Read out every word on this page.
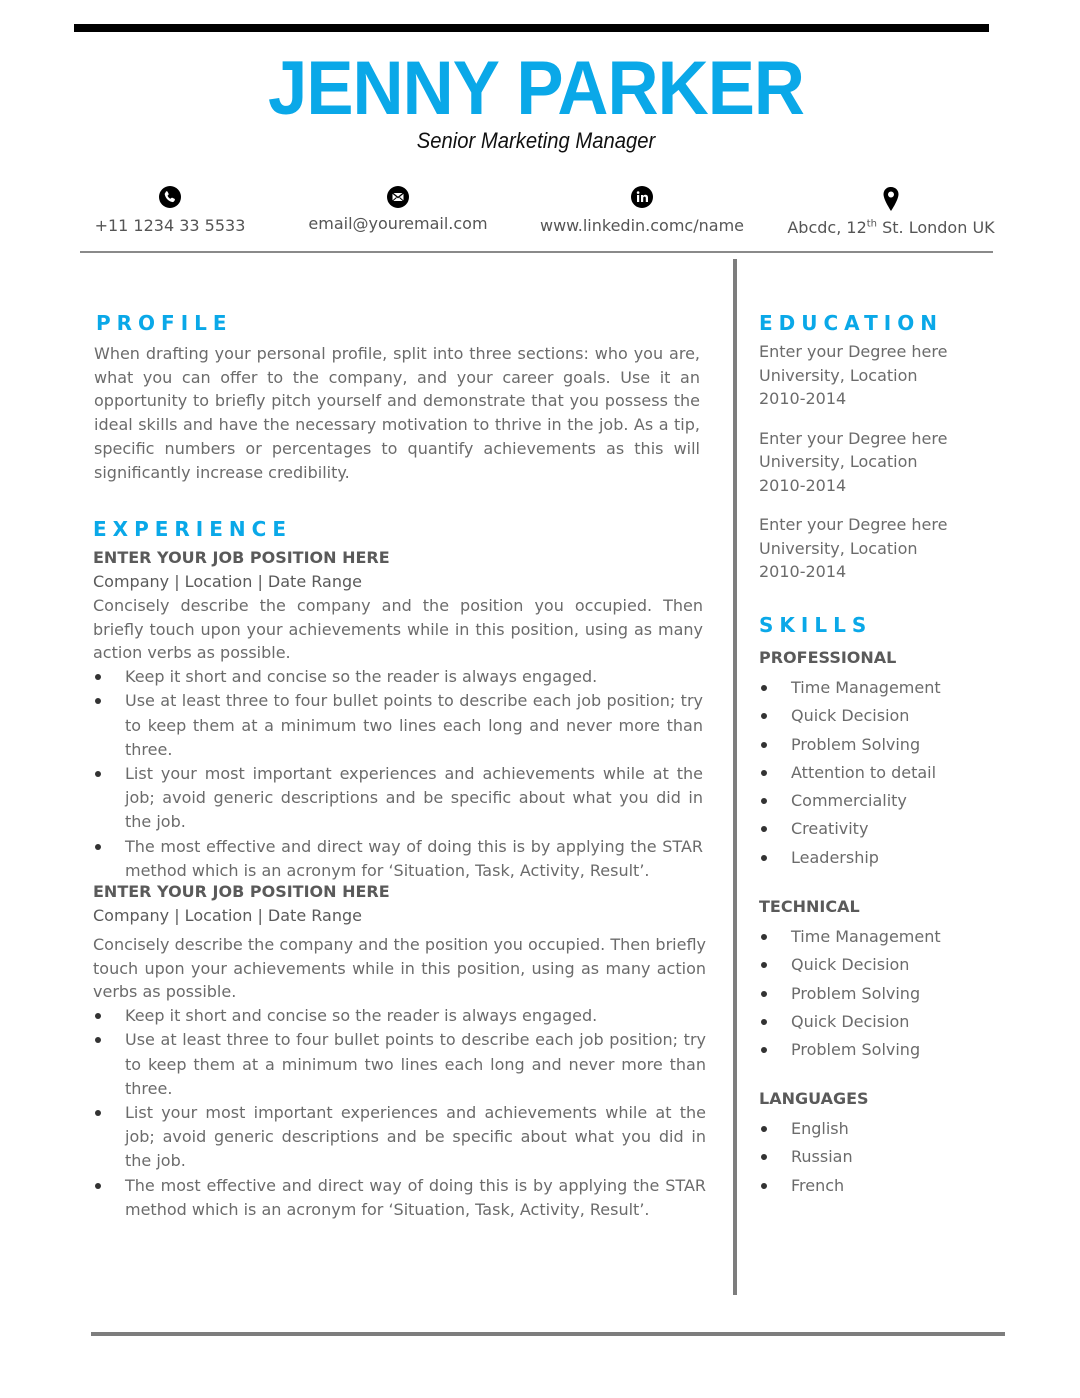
JENNY PARKER
Senior Marketing Manager
+11 1234 33 5533	email@youremail.com	www.linkedin.comc/name	Abcdc, 12th St. London UK
PROFILE
When drafting your personal profile, split into three sections: who you are, what you can offer to the company, and your career goals. Use it an opportunity to briefly pitch yourself and demonstrate that you possess the ideal skills and have the necessary motivation to thrive in the job. As a tip, specific numbers or percentages to quantify achievements as this will significantly increase credibility.
EXPERIENCE
ENTER YOUR JOB POSITION HERE
Company | Location | Date Range
Concisely describe the company and the position you occupied. Then briefly touch upon your achievements while in this position, using as many action verbs as possible.
Keep it short and concise so the reader is always engaged.
Use at least three to four bullet points to describe each job position; try to keep them at a minimum two lines each long and never more than three.
List your most important experiences and achievements while at the job; avoid generic descriptions and be specific about what you did in the job.
The most effective and direct way of doing this is by applying the STAR method which is an acronym for ‘Situation, Task, Activity, Result’.
ENTER YOUR JOB POSITION HERE
Company | Location | Date Range
Concisely describe the company and the position you occupied. Then briefly touch upon your achievements while in this position, using as many action verbs as possible.
Keep it short and concise so the reader is always engaged.
Use at least three to four bullet points to describe each job position; try to keep them at a minimum two lines each long and never more than three.
List your most important experiences and achievements while at the job; avoid generic descriptions and be specific about what you did in the job.
The most effective and direct way of doing this is by applying the STAR method which is an acronym for ‘Situation, Task, Activity, Result’.
EDUCATION
Enter your Degree here
University, Location
2010-2014
Enter your Degree here
University, Location
2010-2014
Enter your Degree here
University, Location
2010-2014
SKILLS
PROFESSIONAL
Time Management
Quick Decision
Problem Solving
Attention to detail
Commerciality
Creativity
Leadership
TECHNICAL
Time Management
Quick Decision
Problem Solving
Quick Decision
Problem Solving
LANGUAGES
English
Russian
French
